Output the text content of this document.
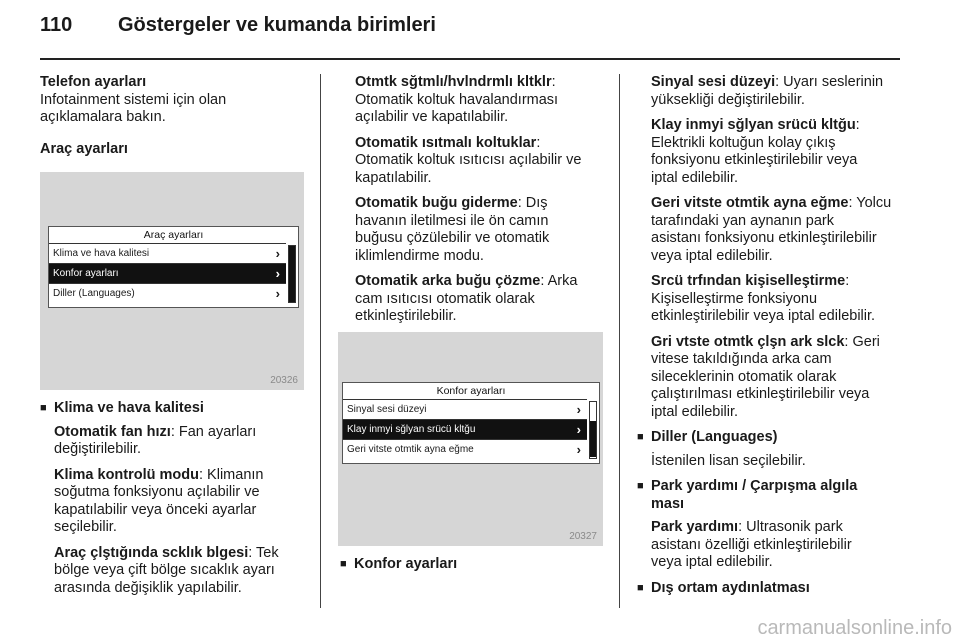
110 Göstergeler ve kumanda birimleri
Telefon ayarları
Infotainment sistemi için olan
açıklamalara bakın.
Araç ayarları
Araç ayarları
Klima ve hava kalitesi	›
Konfor ayarları	›
Diller (Languages)	›
20326
■ Klima ve hava kalitesi

Otomatik fan hızı: Fan ayarları
değiştirilebilir.

Klima kontrolü modu: Klimanın
soğutma fonksiyonu açılabilir ve
kapatılabilir veya önceki ayarlar
seçilebilir.

Araç çlştığında scklık blgesi: Tek
bölge veya çift bölge sıcaklık ayarı
arasında değişiklik yapılabilir.

Otmtk sğtmlı/hvlndrmlı kltklr:
Otomatik koltuk havalandırması
açılabilir ve kapatılabilir.

Otomatik ısıtmalı koltuklar:
Otomatik koltuk ısıtıcısı açılabilir ve
kapatılabilir.

Otomatik buğu giderme: Dış
havanın iletilmesi ile ön camın
buğusu çözülebilir ve otomatik
iklimlendirme modu.

Otomatik arka buğu çözme: Arka
cam ısıtıcısı otomatik olarak
etkinleştirilebilir.

Konfor ayarları
Sinyal sesi düzeyi	›
Klay inmyi sğlyan srücü kltğu	›
Geri vitste otmtik ayna eğme	›
20327
■ Konfor ayarları

Sinyal sesi düzeyi: Uyarı seslerinin
yüksekliği değiştirilebilir.

Klay inmyi sğlyan srücü kltğu:
Elektrikli koltuğun kolay çıkış
fonksiyonu etkinleştirilebilir veya
iptal edilebilir.

Geri vitste otmtik ayna eğme: Yolcu
tarafındaki yan aynanın park
asistanı fonksiyonu etkinleştirilebilir
veya iptal edilebilir.

Srcü trfından kişiselleştirme:
Kişiselleştirme fonksiyonu
etkinleştirilebilir veya iptal edilebilir.

Gri vtste otmtk çlşn ark slck: Geri
vitese takıldığında arka cam
sileceklerinin otomatik olarak
çalıştırılması etkinleştirilebilir veya
iptal edilebilir.

■ Diller (Languages)

İstenilen lisan seçilebilir.

■ Park yardımı / Çarpışma algıla
ması

Park yardımı: Ultrasonik park
asistanı özelliği etkinleştirilebilir
veya iptal edilebilir.

■ Dış ortam aydınlatması
carmanualsonline.info
